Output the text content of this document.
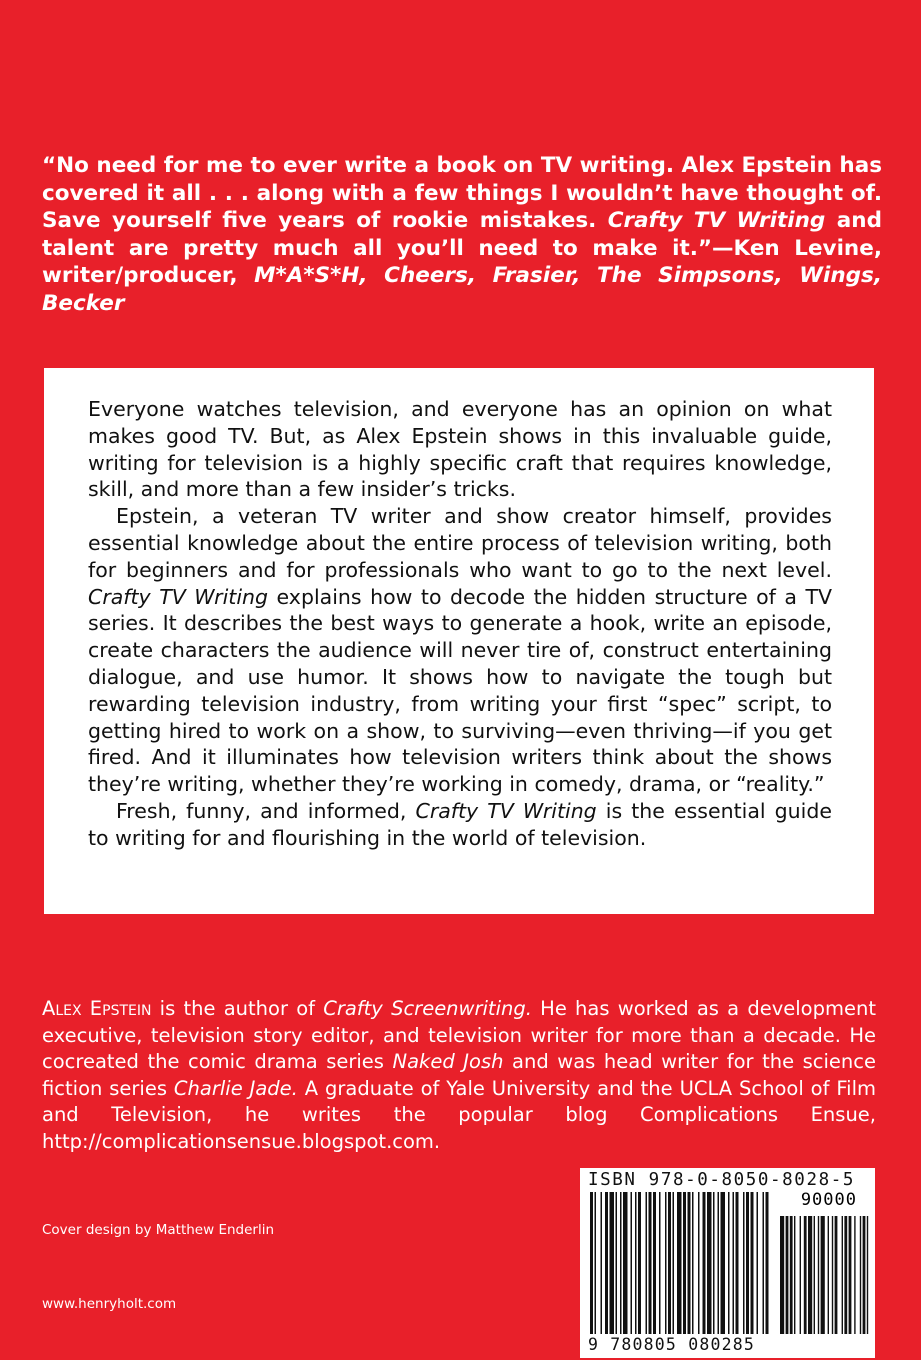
“No need for me to ever write a book on TV writing. Alex Epstein has covered it all . . . along with a few things I wouldn’t have thought of. Save yourself five years of rookie mistakes. Crafty TV Writing and talent are pretty much all you’ll need to make it.”—Ken Levine, writer/producer, M*A*S*H, Cheers, Frasier, The Simpsons, Wings, Becker

Everyone watches television, and everyone has an opinion on what makes good TV. But, as Alex Epstein shows in this invaluable guide, writing for television is a highly specific craft that requires knowledge, skill, and more than a few insider’s tricks.

Epstein, a veteran TV writer and show creator himself, provides essential knowledge about the entire process of television writing, both for beginners and for professionals who want to go to the next level. Crafty TV Writing explains how to decode the hidden structure of a TV series. It describes the best ways to generate a hook, write an episode, create characters the audience will never tire of, construct entertaining dialogue, and use humor. It shows how to navigate the tough but rewarding television industry, from writing your first “spec” script, to getting hired to work on a show, to surviving—even thriving—if you get fired. And it illuminates how television writers think about the shows they’re writing, whether they’re working in comedy, drama, or “reality.”

Fresh, funny, and informed, Crafty TV Writing is the essential guide to writing for and flourishing in the world of television.

Alex Epstein is the author of Crafty Screenwriting. He has worked as a development executive, television story editor, and television writer for more than a decade. He cocreated the comic drama series Naked Josh and was head writer for the science fiction series Charlie Jade. A graduate of Yale University and the UCLA School of Film and Television, he writes the popular blog Complications Ensue, http://complicationsensue.blogspot.com.
Cover design by Matthew Enderlin
www.henryholt.com
ISBN 978-0-8050-8028-5
90000
9 780805 080285
